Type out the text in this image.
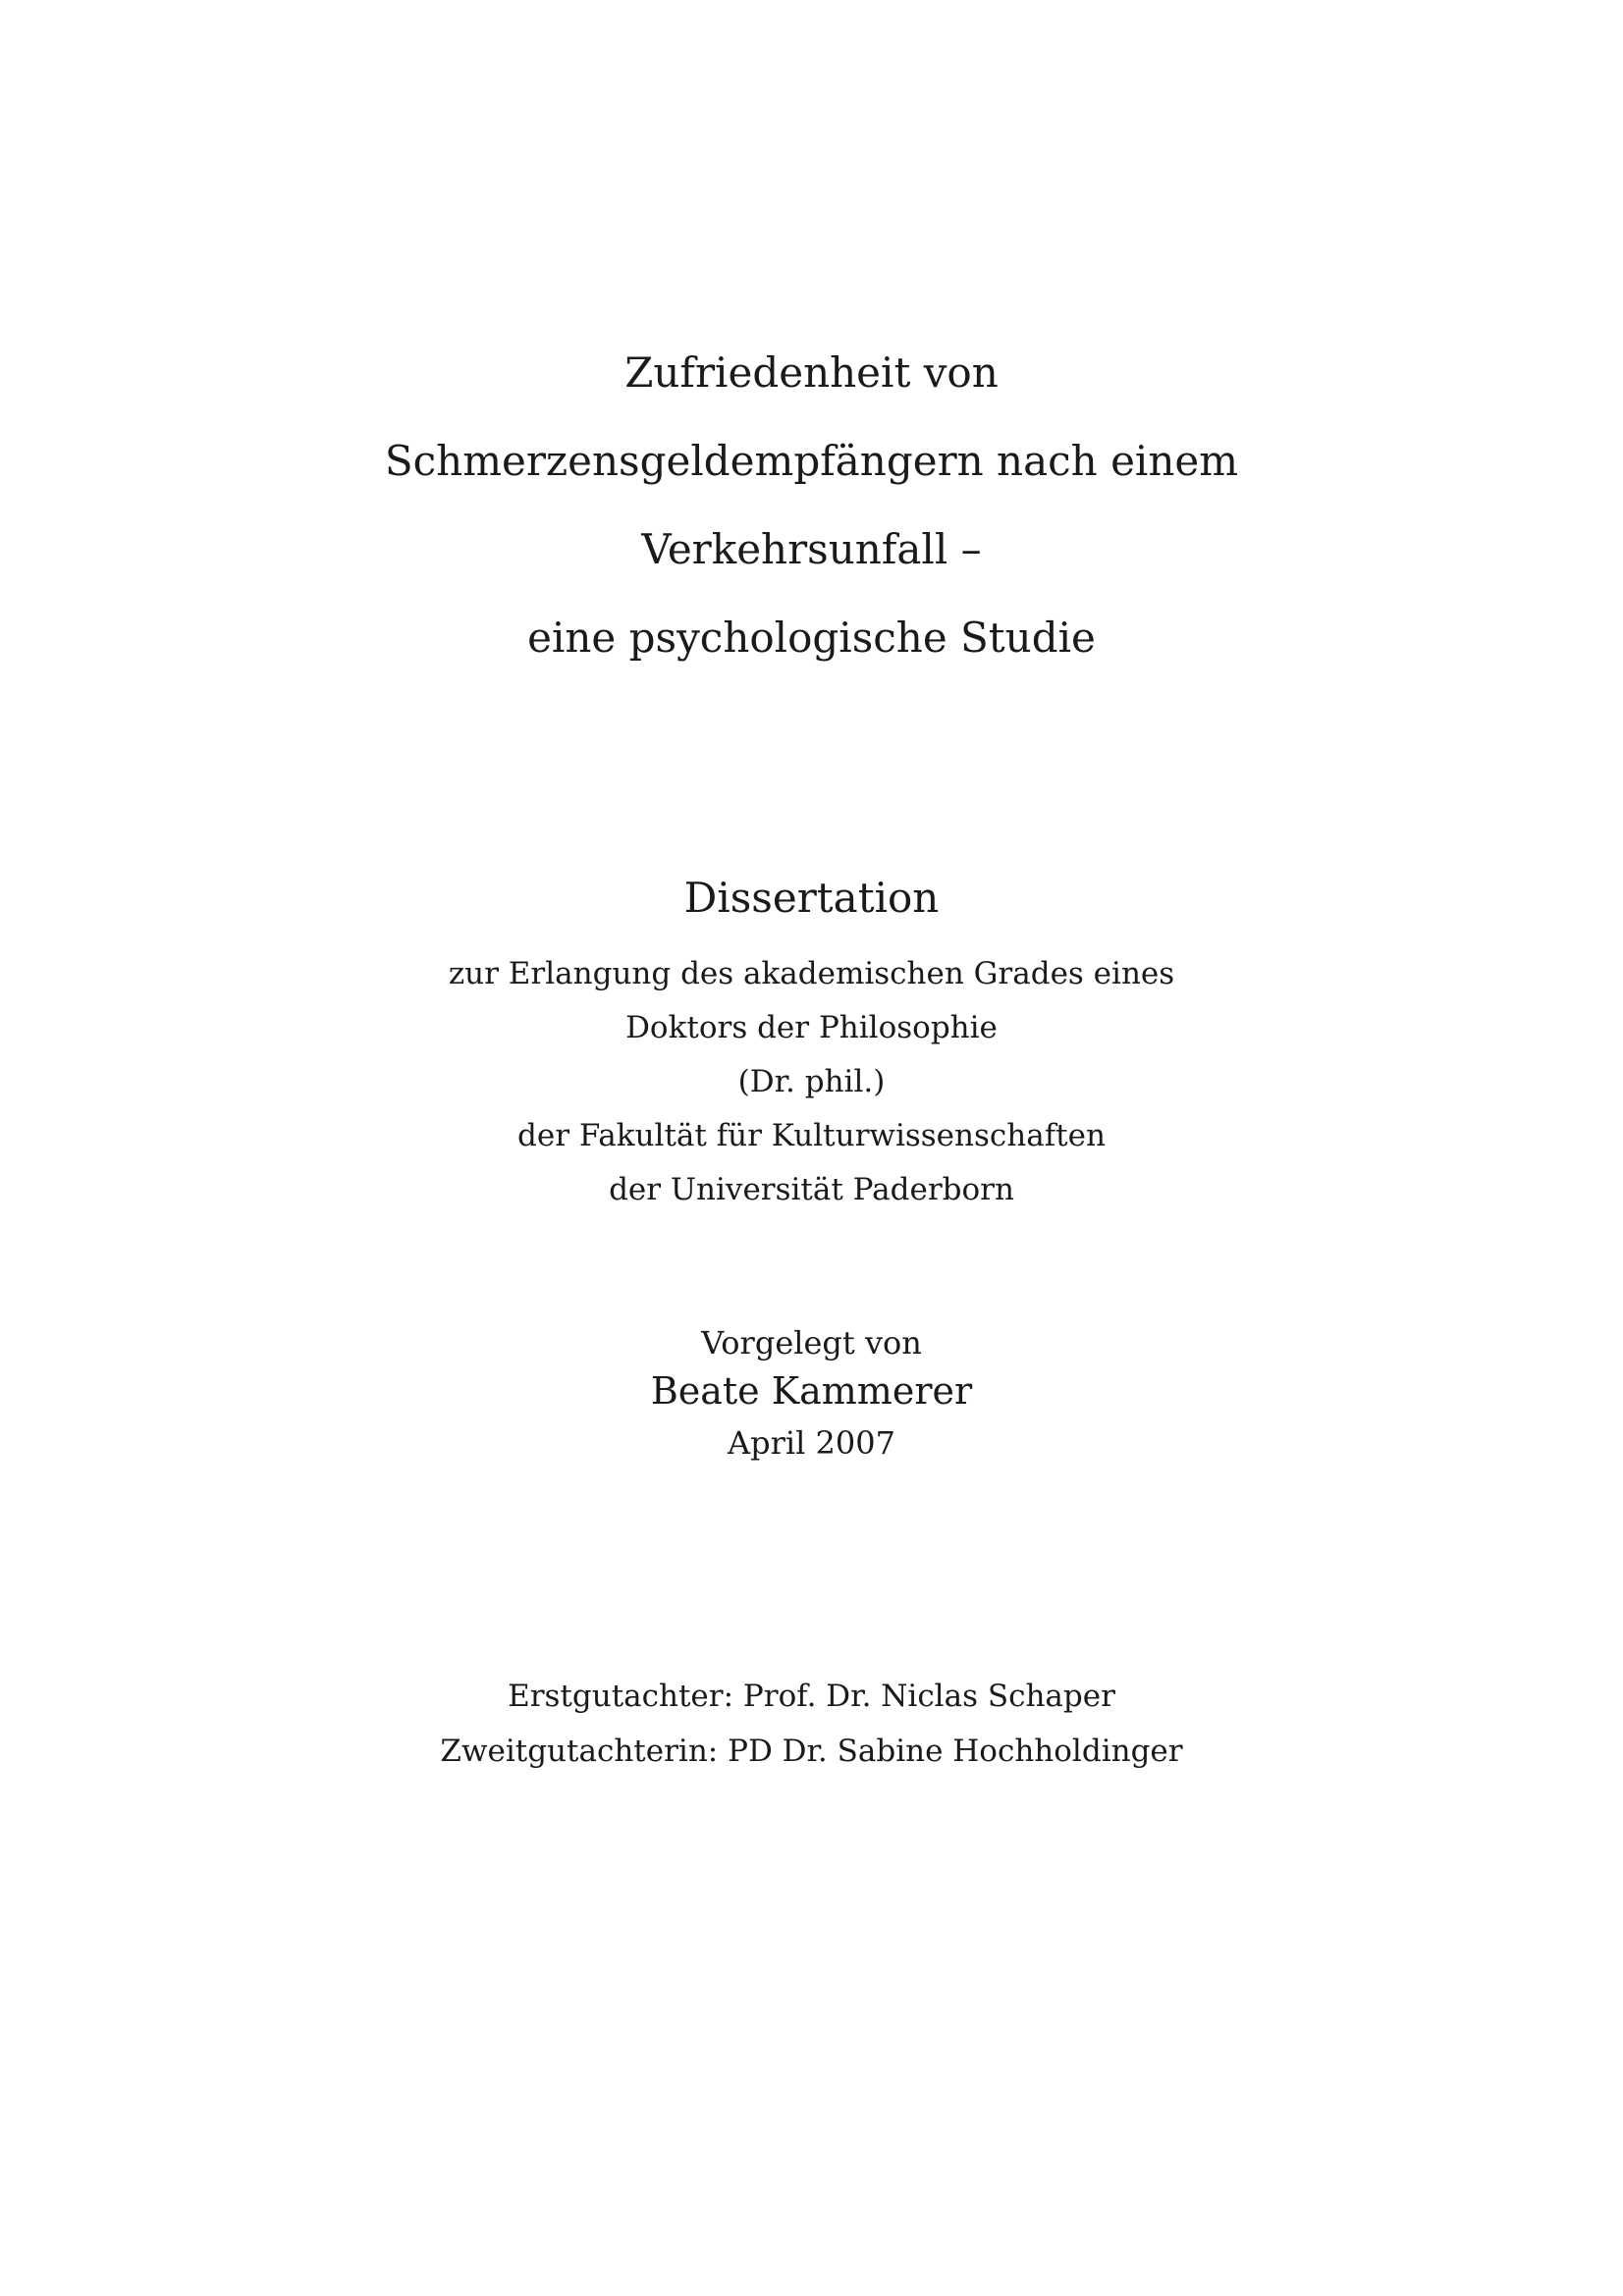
Zufriedenheit von
Schmerzensgeldempfängern nach einem
Verkehrsunfall –
eine psychologische Studie
Dissertation
zur Erlangung des akademischen Grades eines
Doktors der Philosophie
(Dr. phil.)
der Fakultät für Kulturwissenschaften
der Universität Paderborn
Vorgelegt von
Beate Kammerer
April 2007
Erstgutachter: Prof. Dr. Niclas Schaper
Zweitgutachterin: PD Dr. Sabine Hochholdinger
